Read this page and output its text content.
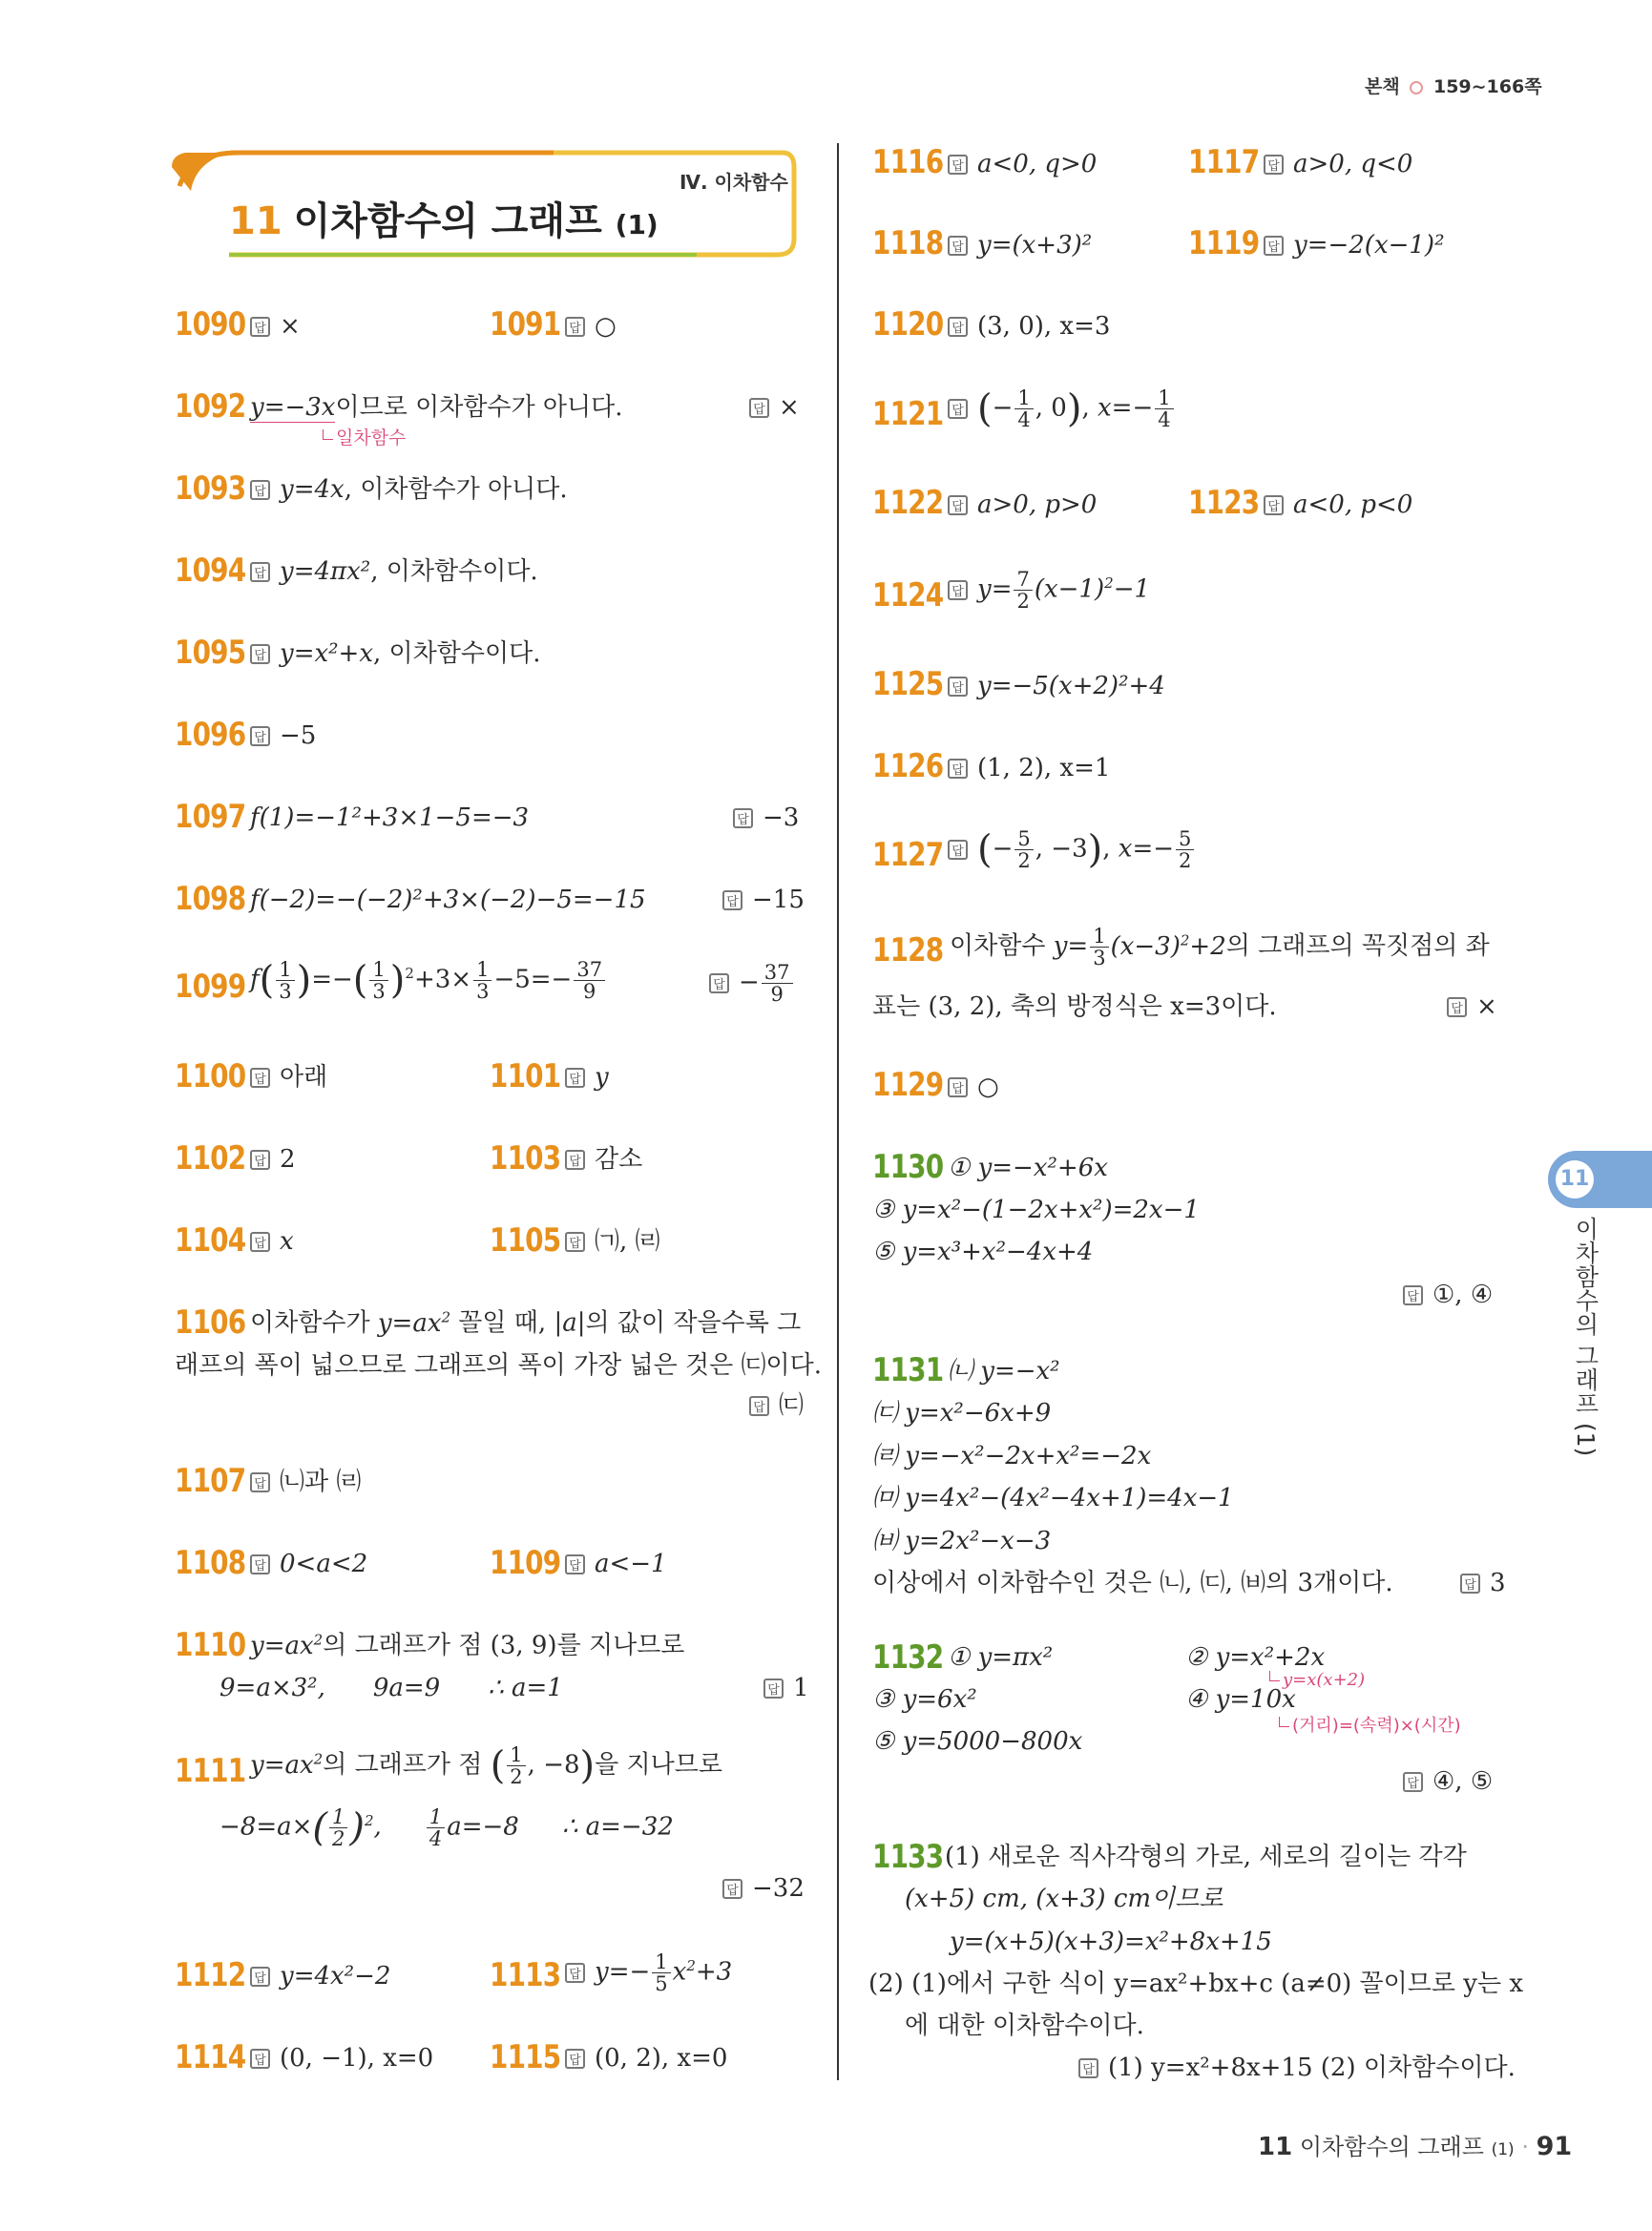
본책 159~166쪽
Ⅳ. 이차함수
11 이차함수의 그래프 (1)
1090 답 ×	1091 답 ○
1092 y=−3x이므로 이차함수가 아니다.
일차함수
답 ×
1093 답 y=4x, 이차함수가 아니다.
1094 답 y=4πx², 이차함수이다.
1095 답 y=x²+x, 이차함수이다.
1096 답 −5
1097 f(1)=−1²+3×1−5=−3	답 −3
1098 f(−2)=−(−2)²+3×(−2)−5=−15	답 −15
1099 $f( \frac{1}{3}$ )=−( $\frac{1}{3} )^2+3\times \frac{1}{3} -5=- \frac{37}{9}$	답 − $\frac{37}{9}$
1100 답 아래	1101 답 y
1102 답 2	1103 답 감소
1104 답 x	1105 답 ㈀, ㈃
1106 이차함수가 $y=ax^2$ 꼴일 때, |a|의 값이 작을수록 그
래프의 폭이 넓으므로 그래프의 폭이 가장 넓은 것은 ㈂이다.
답 ㈂
1107 답 ㈁과 ㈃
1108 답 0<a<2	1109 답 a<−1
1110 $y=ax^2$의 그래프가 점 (3, 9)를 지나므로
9=a×3², 9a=9 ∴ a=1	답 1
1111 $y=ax^2$의 그래프가 점 ( $\frac{1}{2}$ , −8)을 지나므로
$-8=a\times( \frac{1}{2} )^2$, $\frac{1}{4} a=-8$ ∴ a=−32
답 −32
1112 답 y=4x²−2	1113 답 $y=- \frac{1}{5} x^2+3$
1114 답 (0, −1), x=0 1115 답 (0, 2), x=0
1116 답 a<0, q>0	1117 답 a>0, q<0
1118 답 y=(x+3)²	1119 답 y=−2(x−1)²
1120 답 (3, 0), x=3
1121 답 (− $\frac{1}{4}$ , 0), $x=- \frac{1}{4}$
1122 답 a>0, p>0	1123 답 a<0, p<0
1124 답 $y= \frac{7}{2} (x-1)^2-1$
1125 답 y=−5(x+2)²+4
1126 답 (1, 2), x=1
1127 답 (− $\frac{5}{2}$ , −3), $x=- \frac{5}{2}$
1128 이차함수 $y= \frac{1}{3} (x-3)^2+2$의 그래프의 꼭짓점의 좌
표는 (3, 2), 축의 방정식은 x=3이다.	답 ×
1129 답 ○
1130 ① y=−x²+6x
③ y=x²−(1−2x+x²)=2x−1
⑤ y=x³+x²−4x+4
답 ①, ④
1131 ㈁ y=−x²
㈂ y=x²−6x+9
㈃ y=−x²−2x+x²=−2x
㈄ y=4x²−(4x²−4x+1)=4x−1
㈅ y=2x²−x−3
이상에서 이차함수인 것은 ㈁, ㈂, ㈅의 3개이다.	답 3
1132 ① y=πx²	② y=x²+2x
y=x(x+2)
③ y=6x²	④ y=10x
(거리)=(속력)×(시간)
⑤ y=5000−800x
답 ④, ⑤
1133 (1) 새로운 직사각형의 가로, 세로의 길이는 각각
(x+5) cm, (x+3) cm이므로
y=(x+5)(x+3)=x²+8x+15
(2) (1)에서 구한 식이 y=ax²+bx+c (a≠0) 꼴이므로 y는 x
에 대한 이차함수이다.
답 (1) y=x²+8x+15 (2) 이차함수이다.
11
이차함수의 그래프 (1)
11 이차함수의 그래프 (1) · 91
